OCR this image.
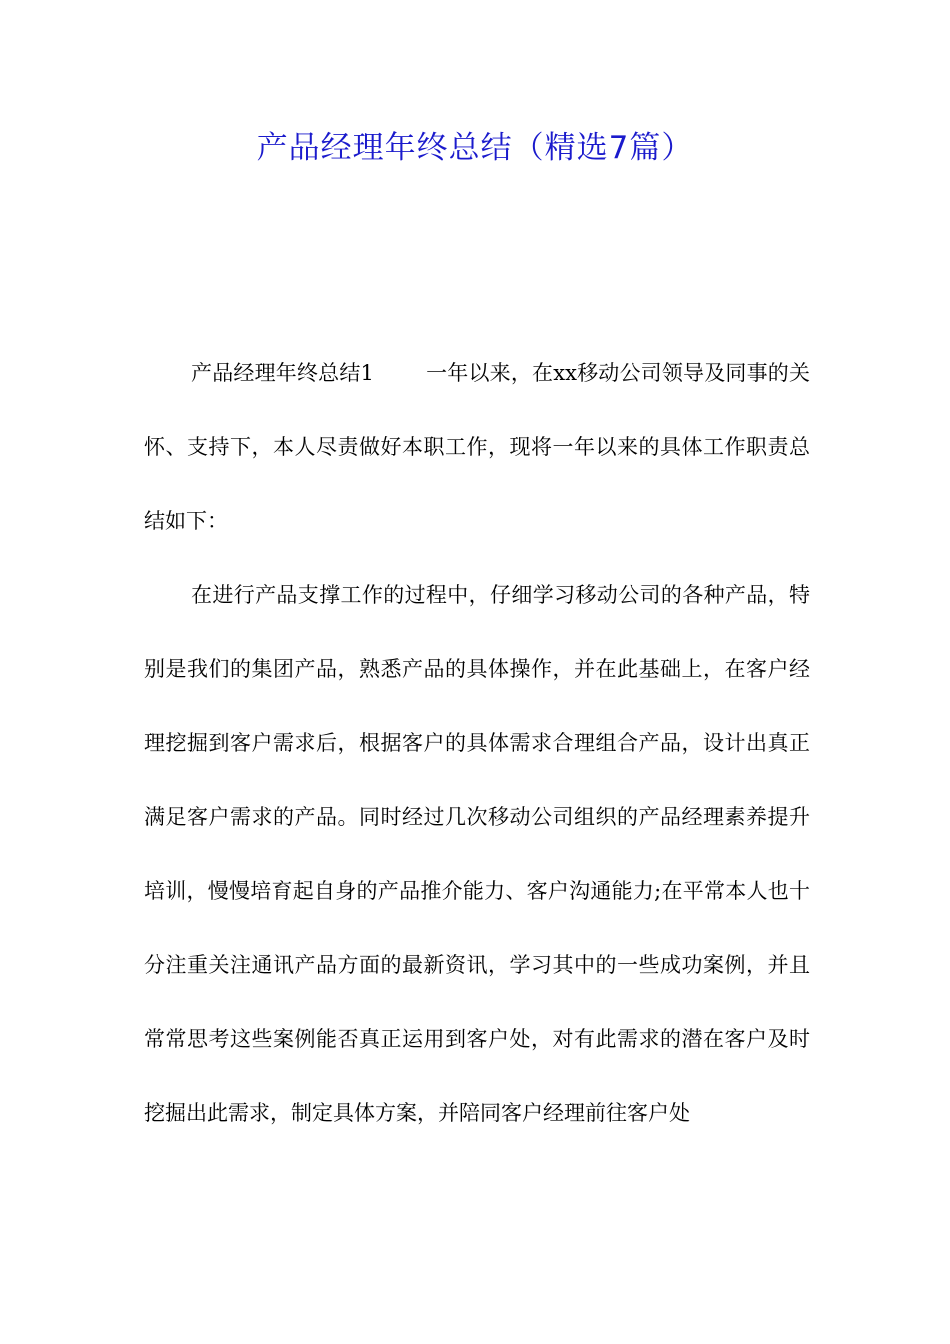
产品经理年终总结（精选7篇）

产品经理年终总结1 一年以来，在xx移动公司领导及同事的关怀、支持下，本人尽责做好本职工作，现将一年以来的具体工作职责总结如下：

在进行产品支撑工作的过程中，仔细学习移动公司的各种产品，特别是我们的集团产品，熟悉产品的具体操作，并在此基础上，在客户经理挖掘到客户需求后，根据客户的具体需求合理组合产品，设计出真正满足客户需求的产品。同时经过几次移动公司组织的产品经理素养提升培训，慢慢培育起自身的产品推介能力、客户沟通能力;在平常本人也十分注重关注通讯产品方面的最新资讯，学习其中的一些成功案例，并且常常思考这些案例能否真正运用到客户处，对有此需求的潜在客户及时挖掘出此需求，制定具体方案，并陪同客户经理前往客户处
